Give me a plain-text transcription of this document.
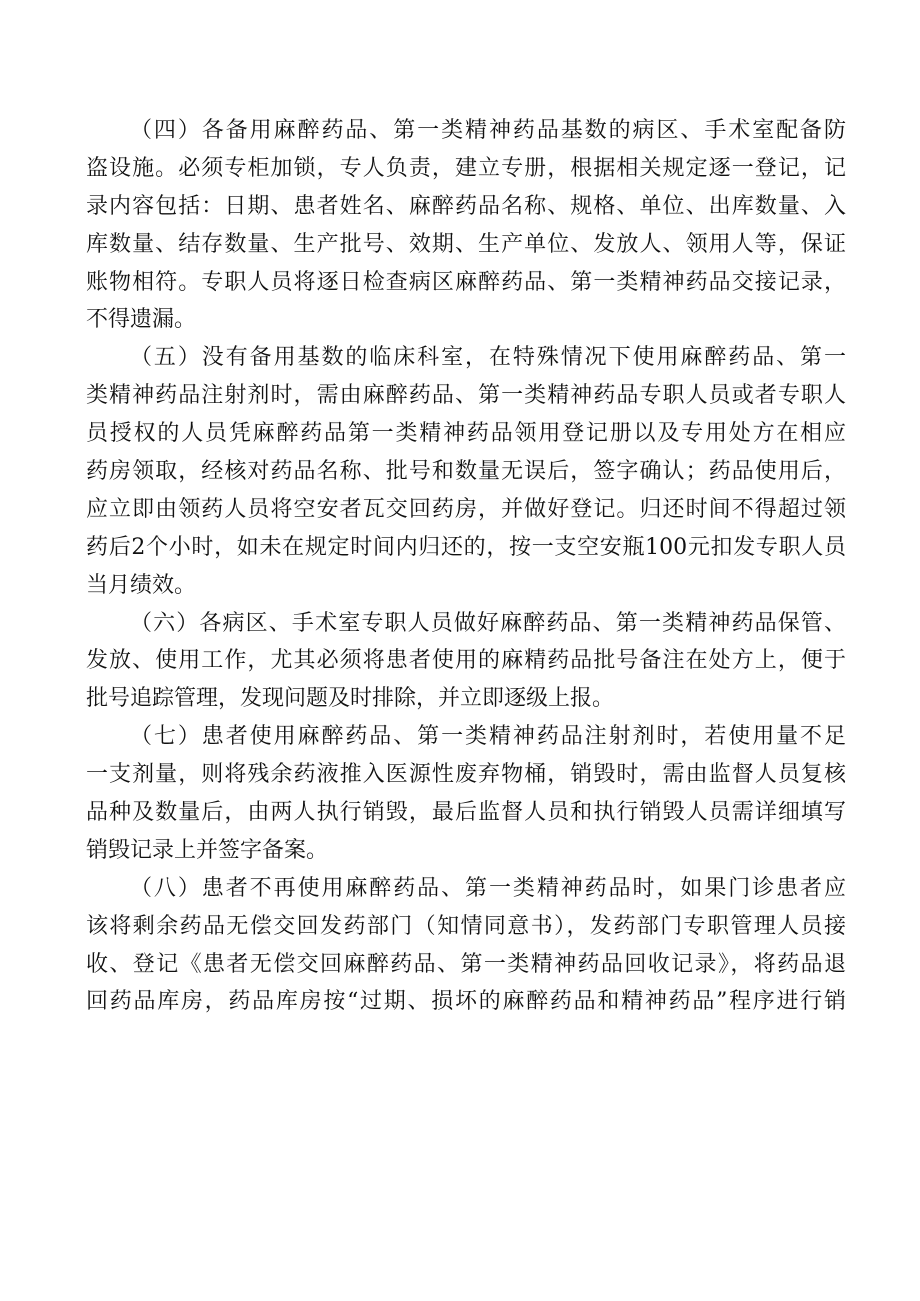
（四）各备用麻醉药品、第一类精神药品基数的病区、手术室配备防
盗设施。必须专柜加锁，专人负责，建立专册，根据相关规定逐一登记，记
录内容包括：日期、患者姓名、麻醉药品名称、规格、单位、出库数量、入
库数量、结存数量、生产批号、效期、生产单位、发放人、领用人等，保证
账物相符。专职人员将逐日检查病区麻醉药品、第一类精神药品交接记录，
不得遗漏。
（五）没有备用基数的临床科室，在特殊情况下使用麻醉药品、第一
类精神药品注射剂时，需由麻醉药品、第一类精神药品专职人员或者专职人
员授权的人员凭麻醉药品第一类精神药品领用登记册以及专用处方在相应
药房领取，经核对药品名称、批号和数量无误后，签字确认；药品使用后，
应立即由领药人员将空安者瓦交回药房，并做好登记。归还时间不得超过领
药后2个小时，如未在规定时间内归还的，按一支空安瓶100元扣发专职人员
当月绩效。
（六）各病区、手术室专职人员做好麻醉药品、第一类精神药品保管、
发放、使用工作，尤其必须将患者使用的麻精药品批号备注在处方上，便于
批号追踪管理，发现问题及时排除，并立即逐级上报。
（七）患者使用麻醉药品、第一类精神药品注射剂时，若使用量不足
一支剂量，则将残余药液推入医源性废弃物桶，销毁时，需由监督人员复核
品种及数量后，由两人执行销毁，最后监督人员和执行销毁人员需详细填写
销毁记录上并签字备案。
（八）患者不再使用麻醉药品、第一类精神药品时，如果门诊患者应
该将剩余药品无偿交回发药部门（知情同意书），发药部门专职管理人员接
收、登记《患者无偿交回麻醉药品、第一类精神药品回收记录》，将药品退
回药品库房，药品库房按“过期、损坏的麻醉药品和精神药品”程序进行销
